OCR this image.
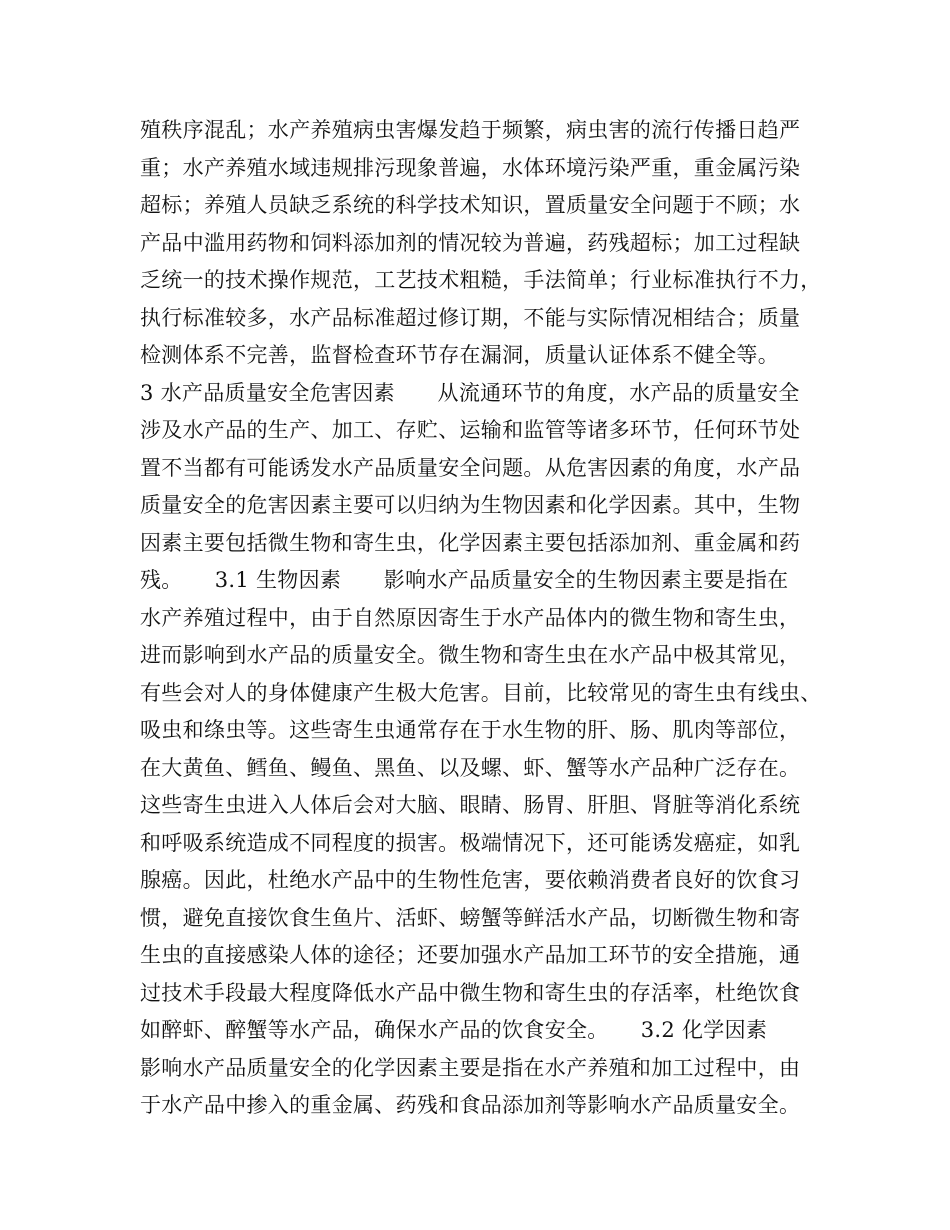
殖秩序混乱；水产养殖病虫害爆发趋于频繁，病虫害的流行传播日趋严
重；水产养殖水域违规排污现象普遍，水体环境污染严重，重金属污染
超标；养殖人员缺乏系统的科学技术知识，置质量安全问题于不顾；水
产品中滥用药物和饲料添加剂的情况较为普遍，药残超标；加工过程缺
乏统一的技术操作规范，工艺技术粗糙，手法简单；行业标准执行不力，
执行标准较多，水产品标准超过修订期，不能与实际情况相结合；质量
检测体系不完善，监督检查环节存在漏洞，质量认证体系不健全等。
3 水产品质量安全危害因素　　从流通环节的角度，水产品的质量安全
涉及水产品的生产、加工、存贮、运输和监管等诸多环节，任何环节处
置不当都有可能诱发水产品质量安全问题。从危害因素的角度，水产品
质量安全的危害因素主要可以归纳为生物因素和化学因素。其中，生物
因素主要包括微生物和寄生虫，化学因素主要包括添加剂、重金属和药
残。　　3.1 生物因素　　影响水产品质量安全的生物因素主要是指在
水产养殖过程中，由于自然原因寄生于水产品体内的微生物和寄生虫，
进而影响到水产品的质量安全。微生物和寄生虫在水产品中极其常见，
有些会对人的身体健康产生极大危害。目前，比较常见的寄生虫有线虫、
吸虫和绦虫等。这些寄生虫通常存在于水生物的肝、肠、肌肉等部位，
在大黄鱼、鳕鱼、鳗鱼、黑鱼、以及螺、虾、蟹等水产品种广泛存在。
这些寄生虫进入人体后会对大脑、眼睛、肠胃、肝胆、肾脏等消化系统
和呼吸系统造成不同程度的损害。极端情况下，还可能诱发癌症，如乳
腺癌。因此，杜绝水产品中的生物性危害，要依赖消费者良好的饮食习
惯，避免直接饮食生鱼片、活虾、螃蟹等鲜活水产品，切断微生物和寄
生虫的直接感染人体的途径；还要加强水产品加工环节的安全措施，通
过技术手段最大程度降低水产品中微生物和寄生虫的存活率，杜绝饮食
如醉虾、醉蟹等水产品，确保水产品的饮食安全。　　3.2 化学因素
影响水产品质量安全的化学因素主要是指在水产养殖和加工过程中，由
于水产品中掺入的重金属、药残和食品添加剂等影响水产品质量安全。
